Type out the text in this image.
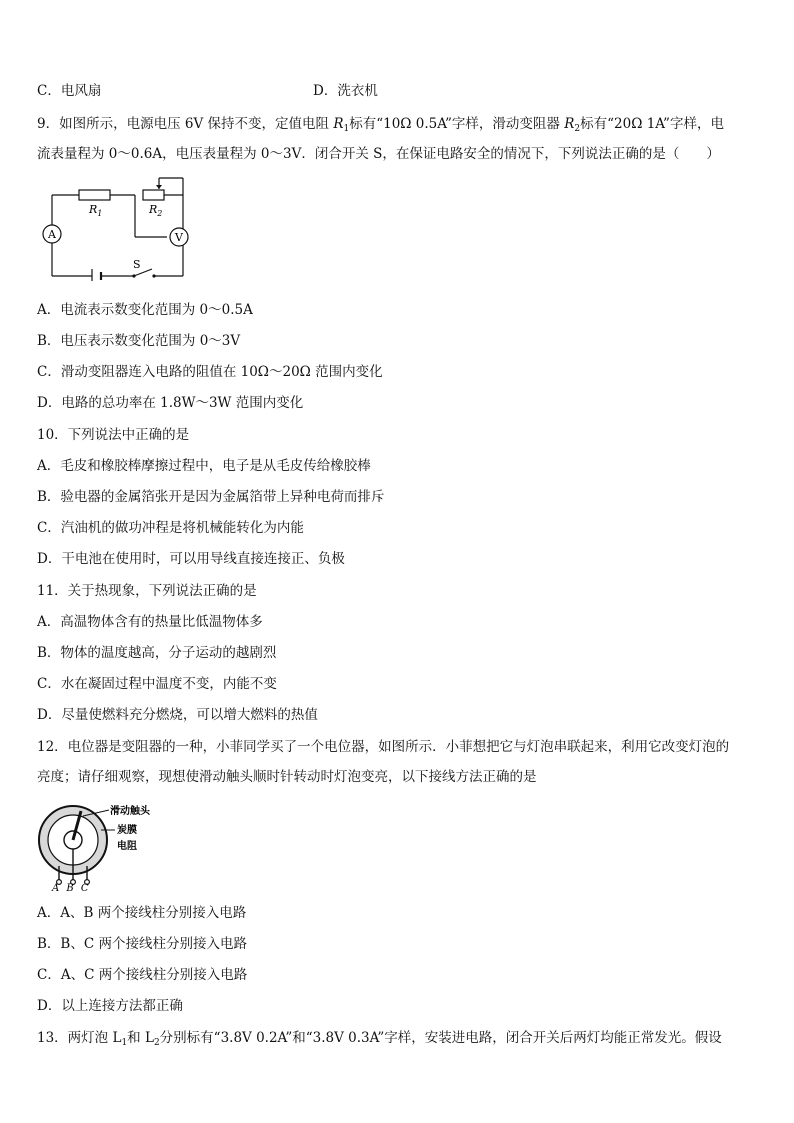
C．电风扇	D．洗衣机
9．如图所示，电源电压 6V 保持不变，定值电阻 $R_1$标有“10Ω 0.5A”字样，滑动变阻器 $R_2$标有“20Ω 1A”字样，电
流表量程为 0～0.6A，电压表量程为 0～3V．闭合开关 S，在保证电路安全的情况下，下列说法正确的是（　　）
A	V
S
$R_1$	$R_2$
A．电流表示数变化范围为 0～0.5A
B．电压表示数变化范围为 0～3V
C．滑动变阻器连入电路的阻值在 10Ω～20Ω 范围内变化
D．电路的总功率在 1.8W～3W 范围内变化
10．下列说法中正确的是
A．毛皮和橡胶棒摩擦过程中，电子是从毛皮传给橡胶棒
B．验电器的金属箔张开是因为金属箔带上异种电荷而排斥
C．汽油机的做功冲程是将机械能转化为内能
D．干电池在使用时，可以用导线直接连接正、负极
11．关于热现象，下列说法正确的是
A．高温物体含有的热量比低温物体多
B．物体的温度越高，分子运动的越剧烈
C．水在凝固过程中温度不变，内能不变
D．尽量使燃料充分燃烧，可以增大燃料的热值
12．电位器是变阻器的一种，小菲同学买了一个电位器，如图所示．小菲想把它与灯泡串联起来，利用它改变灯泡的
亮度；请仔细观察，现想使滑动触头顺时针转动时灯泡变亮，以下接线方法正确的是
滑动触头
炭膜
电阻
A B C
A．A、B 两个接线柱分别接入电路
B．B、C 两个接线柱分别接入电路
C．A、C 两个接线柱分别接入电路
D．以上连接方法都正确
13．两灯泡 $L_1$和 $L_2$分别标有“3.8V 0.2A”和“3.8V 0.3A”字样，安装进电路，闭合开关后两灯均能正常发光。假设
